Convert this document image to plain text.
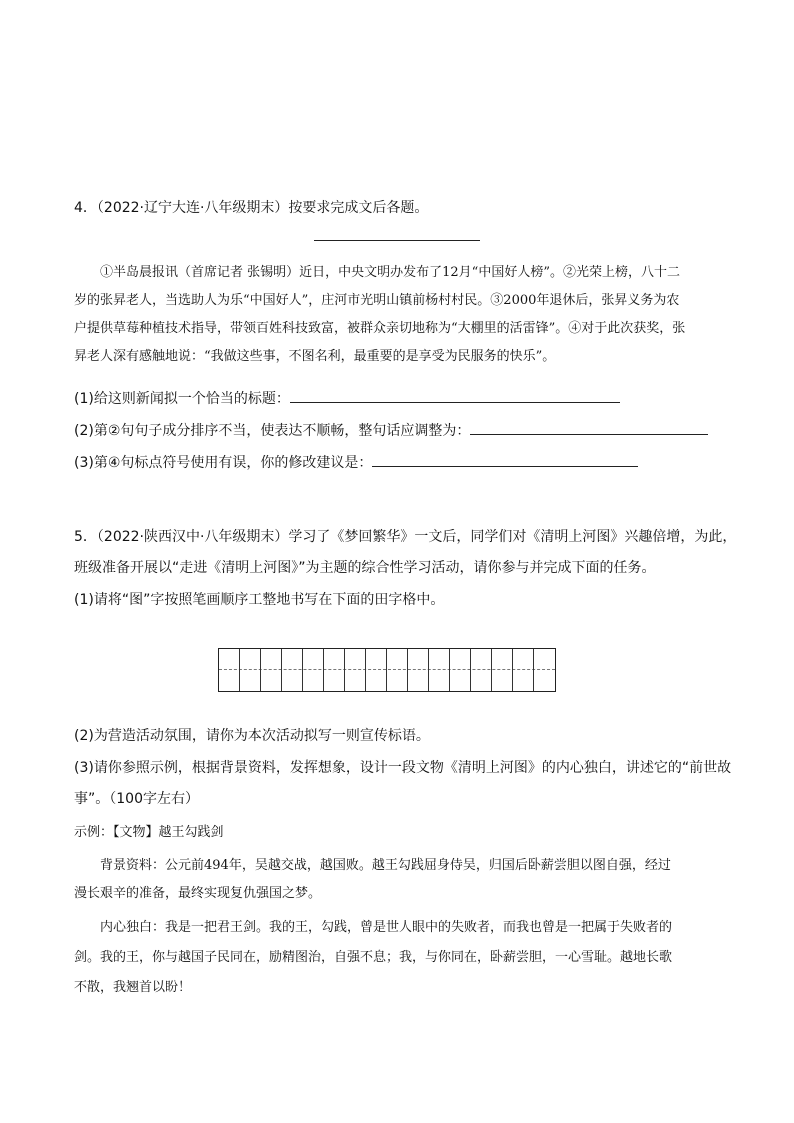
4．（2022·辽宁大连·八年级期末）按要求完成文后各题。
①半岛晨报讯（首席记者 张锡明）近日，中央文明办发布了12月“中国好人榜”。②光荣上榜，八十二
岁的张昇老人，当选助人为乐“中国好人”，庄河市光明山镇前杨村村民。③2000年退休后，张昇义务为农
户提供草莓种植技术指导，带领百姓科技致富，被群众亲切地称为“大棚里的活雷锋”。④对于此次获奖，张
昇老人深有感触地说：“我做这些事，不图名利，最重要的是享受为民服务的快乐”。
(1)给这则新闻拟一个恰当的标题：
(2)第②句句子成分排序不当，使表达不顺畅，整句话应调整为：
(3)第④句标点符号使用有误，你的修改建议是：
5．（2022·陕西汉中·八年级期末）学习了《梦回繁华》一文后，同学们对《清明上河图》兴趣倍增，为此，
班级准备开展以“走进《清明上河图》”为主题的综合性学习活动，请你参与并完成下面的任务。
(1)请将“图”字按照笔画顺序工整地书写在下面的田字格中。
(2)为营造活动氛围，请你为本次活动拟写一则宣传标语。
(3)请你参照示例，根据背景资料，发挥想象，设计一段文物《清明上河图》的内心独白，讲述它的“前世故
事”。（100字左右）
示例：【文物】越王勾践剑
背景资料：公元前494年，吴越交战，越国败。越王勾践屈身侍吴，归国后卧薪尝胆以图自强，经过
漫长艰辛的准备，最终实现复仇强国之梦。
内心独白：我是一把君王剑。我的王，勾践，曾是世人眼中的失败者，而我也曾是一把属于失败者的
剑。我的王，你与越国子民同在，励精图治，自强不息；我，与你同在，卧薪尝胆，一心雪耻。越地长歌
不散，我翘首以盼！
